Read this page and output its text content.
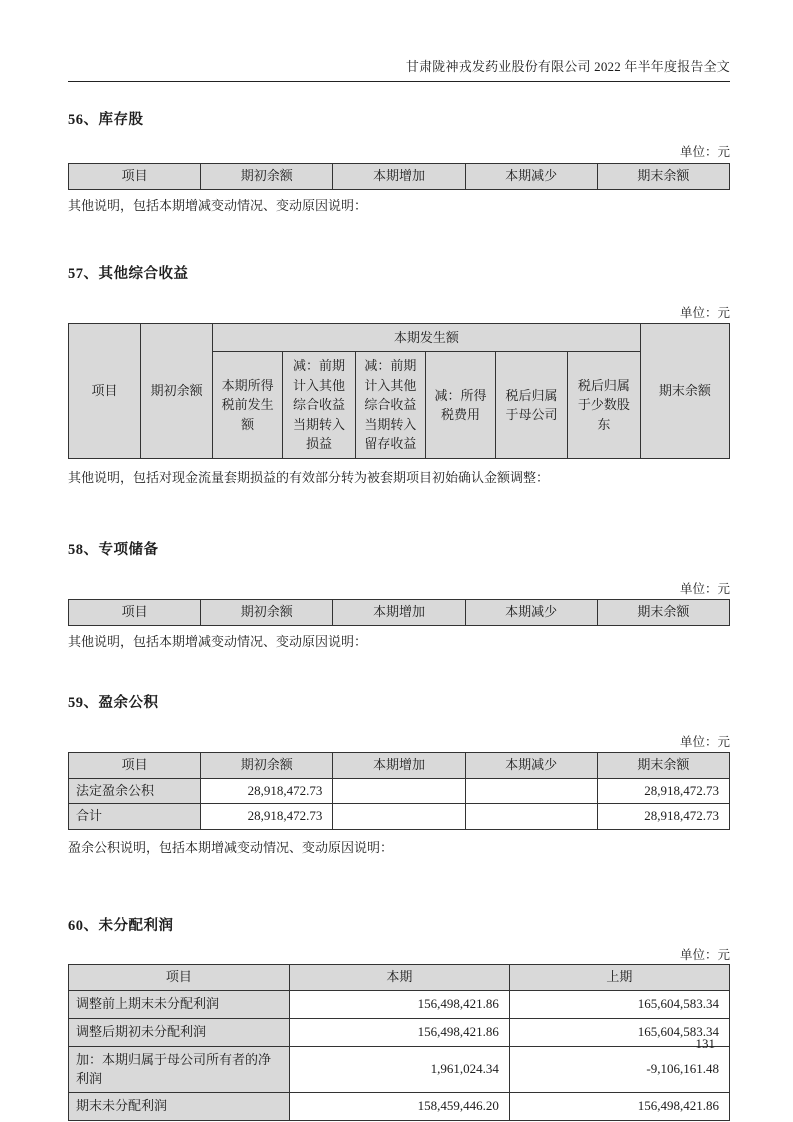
甘肃陇神戎发药业股份有限公司 2022 年半年度报告全文
56、库存股
单位：元
项目	期初余额	本期增加	本期减少	期末余额

其他说明，包括本期增减变动情况、变动原因说明：

57、其他综合收益
单位：元
项目	期初余额	本期发生额						期末余额
		本期所得税前发生额	减：前期计入其他综合收益当期转入损益	减：前期计入其他综合收益当期转入留存收益	减：所得税费用	税后归属于母公司	税后归属于少数股东	

其他说明，包括对现金流量套期损益的有效部分转为被套期项目初始确认金额调整：

58、专项储备
单位：元
项目	期初余额	本期增加	本期减少	期末余额

其他说明，包括本期增减变动情况、变动原因说明：

59、盈余公积
单位：元
项目	期初余额	本期增加	本期减少	期末余额
法定盈余公积	28,918,472.73			28,918,472.73
合计	28,918,472.73			28,918,472.73

盈余公积说明，包括本期增减变动情况、变动原因说明：

60、未分配利润
单位：元
项目	本期	上期
调整前上期末未分配利润	156,498,421.86	165,604,583.34
调整后期初未分配利润	156,498,421.86	165,604,583.34
加：本期归属于母公司所有者的净利润	1,961,024.34	-9,106,161.48
期末未分配利润	158,459,446.20	156,498,421.86
131
